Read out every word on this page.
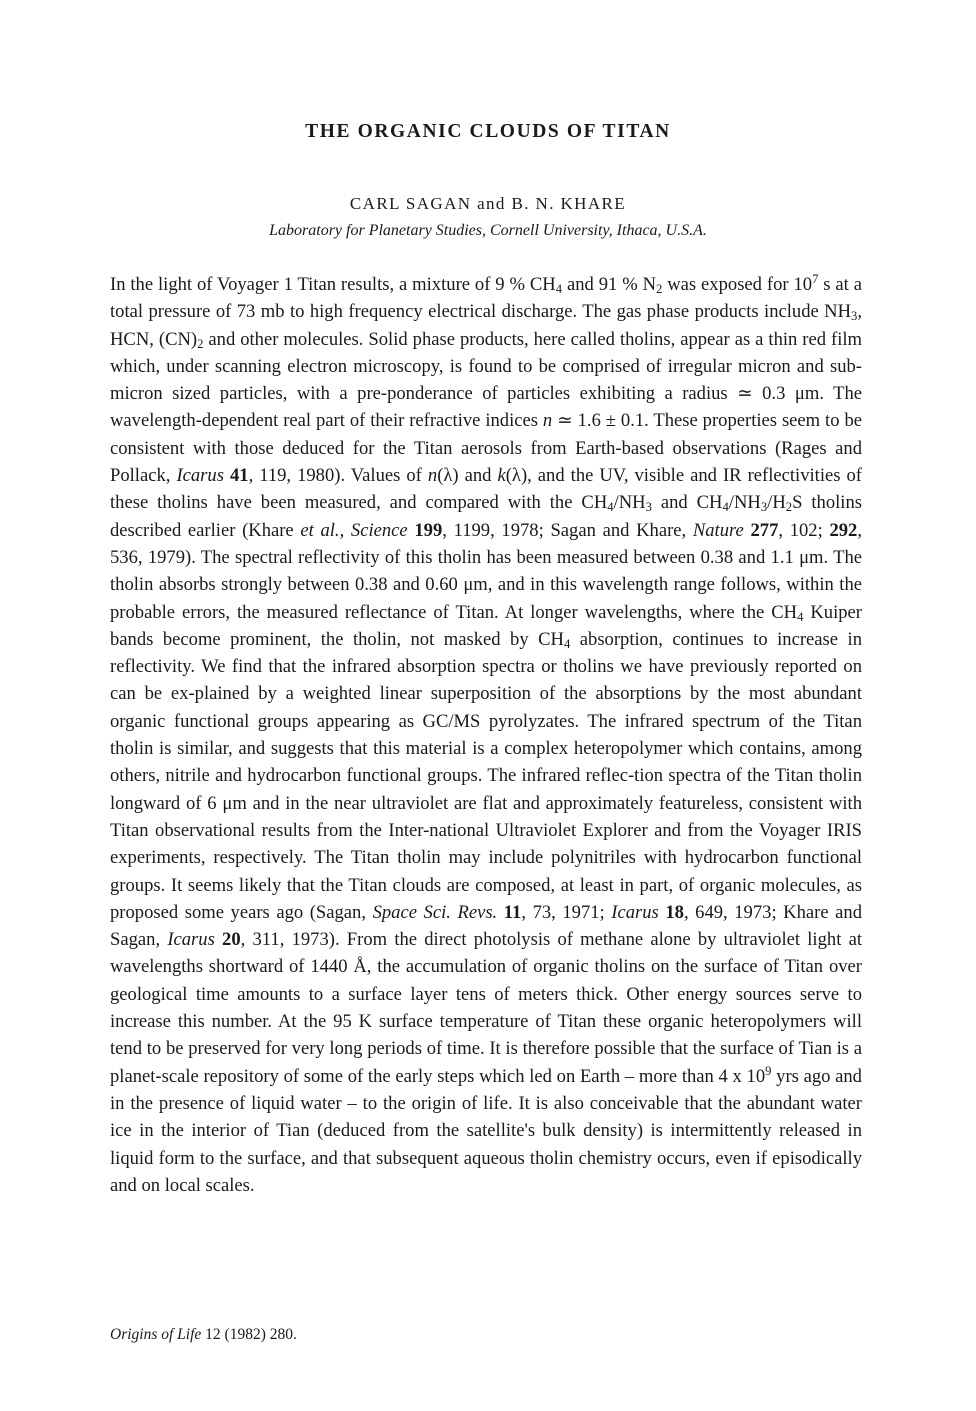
THE ORGANIC CLOUDS OF TITAN
CARL SAGAN and B. N. KHARE
Laboratory for Planetary Studies, Cornell University, Ithaca, U.S.A.

In the light of Voyager 1 Titan results, a mixture of 9 % $CH_4$ and 91 % $N_2$ was exposed for $10^7$ s at a total pressure of 73 mb to high frequency electrical discharge. The gas phase products include $NH_3$, HCN, $(CN)_2$ and other molecules. Solid phase products, here called tholins, appear as a thin red film which, under scanning electron microscopy, is found to be comprised of irregular micron and sub-micron sized particles, with a pre-ponderance of particles exhibiting a radius ≃ 0.3 μm. The wavelength-dependent real part of their refractive indices n ≃ 1.6 ± 0.1. These properties seem to be consistent with those deduced for the Titan aerosols from Earth-based observations (Rages and Pollack, Icarus 41, 119, 1980). Values of n(λ) and k(λ), and the UV, visible and IR reflectivities of these tholins have been measured, and compared with the $CH_4/NH_3$ and $CH_4/NH_3/H_2S$ tholins described earlier (Khare et al., Science 199, 1199, 1978; Sagan and Khare, Nature 277, 102; 292, 536, 1979). The spectral reflectivity of this tholin has been measured between 0.38 and 1.1 μm. The tholin absorbs strongly between 0.38 and 0.60 μm, and in this wavelength range follows, within the probable errors, the measured reflectance of Titan. At longer wavelengths, where the $CH_4$ Kuiper bands become prominent, the tholin, not masked by $CH_4$ absorption, continues to increase in reflectivity. We find that the infrared absorption spectra or tholins we have previously reported on can be ex-plained by a weighted linear superposition of the absorptions by the most abundant organic functional groups appearing as GC/MS pyrolyzates. The infrared spectrum of the Titan tholin is similar, and suggests that this material is a complex heteropolymer which contains, among others, nitrile and hydrocarbon functional groups. The infrared reflec-tion spectra of the Titan tholin longward of 6 μm and in the near ultraviolet are flat and approximately featureless, consistent with Titan observational results from the Inter-national Ultraviolet Explorer and from the Voyager IRIS experiments, respectively. The Titan tholin may include polynitriles with hydrocarbon functional groups. It seems likely that the Titan clouds are composed, at least in part, of organic molecules, as proposed some years ago (Sagan, Space Sci. Revs. 11, 73, 1971; Icarus 18, 649, 1973; Khare and Sagan, Icarus 20, 311, 1973). From the direct photolysis of methane alone by ultraviolet light at wavelengths shortward of 1440 Å, the accumulation of organic tholins on the surface of Titan over geological time amounts to a surface layer tens of meters thick. Other energy sources serve to increase this number. At the 95 K surface temperature of Titan these organic heteropolymers will tend to be preserved for very long periods of time. It is therefore possible that the surface of Tian is a planet-scale repository of some of the early steps which led on Earth – more than 4 x $10^9$ yrs ago and in the presence of liquid water – to the origin of life. It is also conceivable that the abundant water ice in the interior of Tian (deduced from the satellite's bulk density) is intermittently released in liquid form to the surface, and that subsequent aqueous tholin chemistry occurs, even if episodically and on local scales.

Origins of Life 12 (1982) 280.
